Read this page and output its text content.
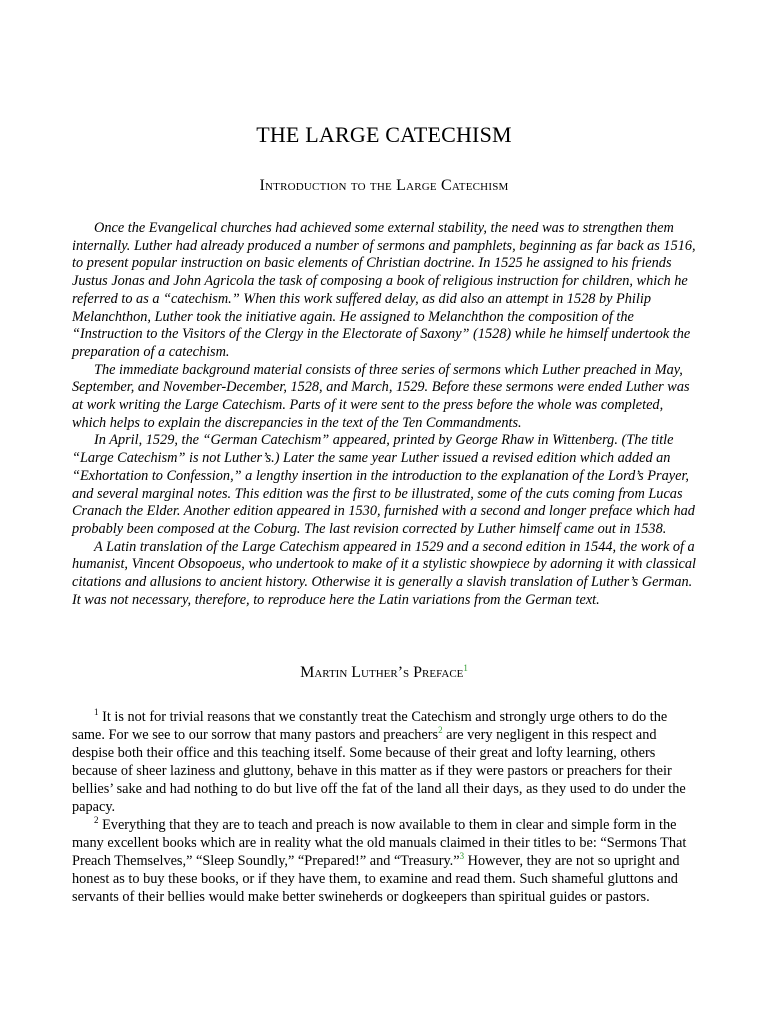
THE LARGE CATECHISM
Introduction to the Large Catechism

Once the Evangelical churches had achieved some external stability, the need was to strengthen them internally. Luther had already produced a number of sermons and pamphlets, beginning as far back as 1516, to present popular instruction on basic elements of Christian doctrine. In 1525 he assigned to his friends Justus Jonas and John Agricola the task of composing a book of religious instruction for children, which he referred to as a “catechism.” When this work suffered delay, as did also an attempt in 1528 by Philip Melanchthon, Luther took the initiative again. He assigned to Melanchthon the composition of the “Instruction to the Visitors of the Clergy in the Electorate of Saxony” (1528) while he himself undertook the preparation of a catechism.

The immediate background material consists of three series of sermons which Luther preached in May, September, and November-December, 1528, and March, 1529. Before these sermons were ended Luther was at work writing the Large Catechism. Parts of it were sent to the press before the whole was completed, which helps to explain the discrepancies in the text of the Ten Commandments.

In April, 1529, the “German Catechism” appeared, printed by George Rhaw in Wittenberg. (The title “Large Catechism” is not Luther’s.) Later the same year Luther issued a revised edition which added an “Exhortation to Confession,” a lengthy insertion in the introduction to the explanation of the Lord’s Prayer, and several marginal notes. This edition was the first to be illustrated, some of the cuts coming from Lucas Cranach the Elder. Another edition appeared in 1530, furnished with a second and longer preface which had probably been composed at the Coburg. The last revision corrected by Luther himself came out in 1538.

A Latin translation of the Large Catechism appeared in 1529 and a second edition in 1544, the work of a humanist, Vincent Obsopoeus, who undertook to make of it a stylistic showpiece by adorning it with classical citations and allusions to ancient history. Otherwise it is generally a slavish translation of Luther’s German. It was not necessary, therefore, to reproduce here the Latin variations from the German text.

Martin Luther’s Preface$^1$

$^1$ It is not for trivial reasons that we constantly treat the Catechism and strongly urge others to do the same. For we see to our sorrow that many pastors and preachers$^2$ are very negligent in this respect and despise both their office and this teaching itself. Some because of their great and lofty learning, others because of sheer laziness and gluttony, behave in this matter as if they were pastors or preachers for their bellies’ sake and had nothing to do but live off the fat of the land all their days, as they used to do under the papacy.

$^2$ Everything that they are to teach and preach is now available to them in clear and simple form in the many excellent books which are in reality what the old manuals claimed in their titles to be: “Sermons That Preach Themselves,” “Sleep Soundly,” “Prepared!” and “Treasury.”$^3$ However, they are not so upright and honest as to buy these books, or if they have them, to examine and read them. Such shameful gluttons and servants of their bellies would make better swineherds or dogkeepers than spiritual guides or pastors.
